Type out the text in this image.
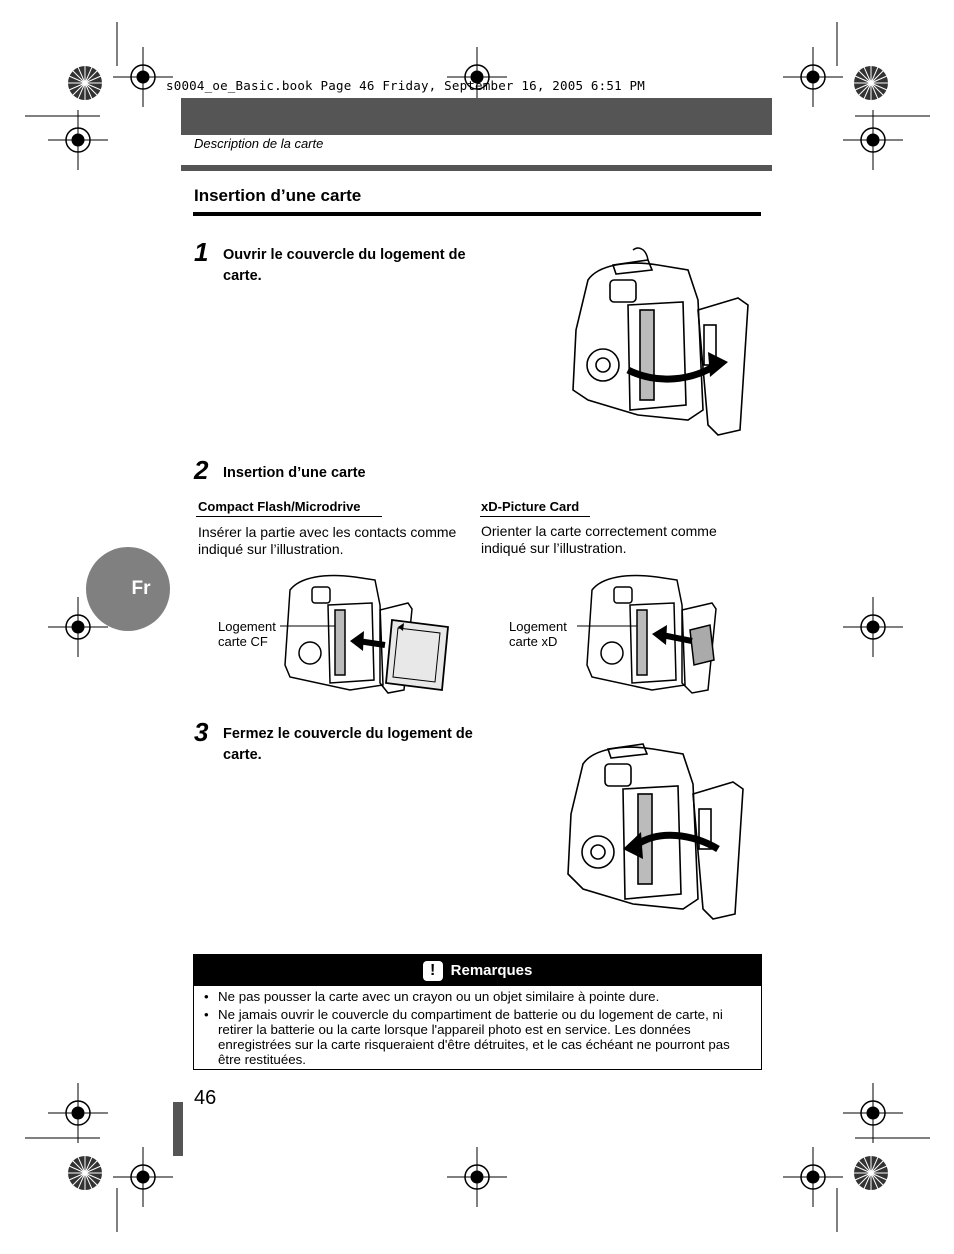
s0004_oe_Basic.book Page 46 Friday, September 16, 2005 6:51 PM
Description de la carte
Insertion d’une carte
1 Ouvrir le couvercle du logement de
carte.
2 Insertion d’une carte
Compact Flash/Microdrive
Insérer la partie avec les contacts comme
indiqué sur l’illustration.
xD-Picture Card
Orienter la carte correctement comme
indiqué sur l’illustration.
Fr
Logement
carte CF
Logement
carte xD
3 Fermez le couvercle du logement de
carte.
!	Remarques
• Ne pas pousser la carte avec un crayon ou un objet similaire à pointe dure.
• Ne jamais ouvrir le couvercle du compartiment de batterie ou du logement de carte, ni retirer la batterie ou la carte lorsque l'appareil photo est en service. Les données enregistrées sur la carte risqueraient d'être détruites, et le cas échéant ne pourront pas être restituées.
46
